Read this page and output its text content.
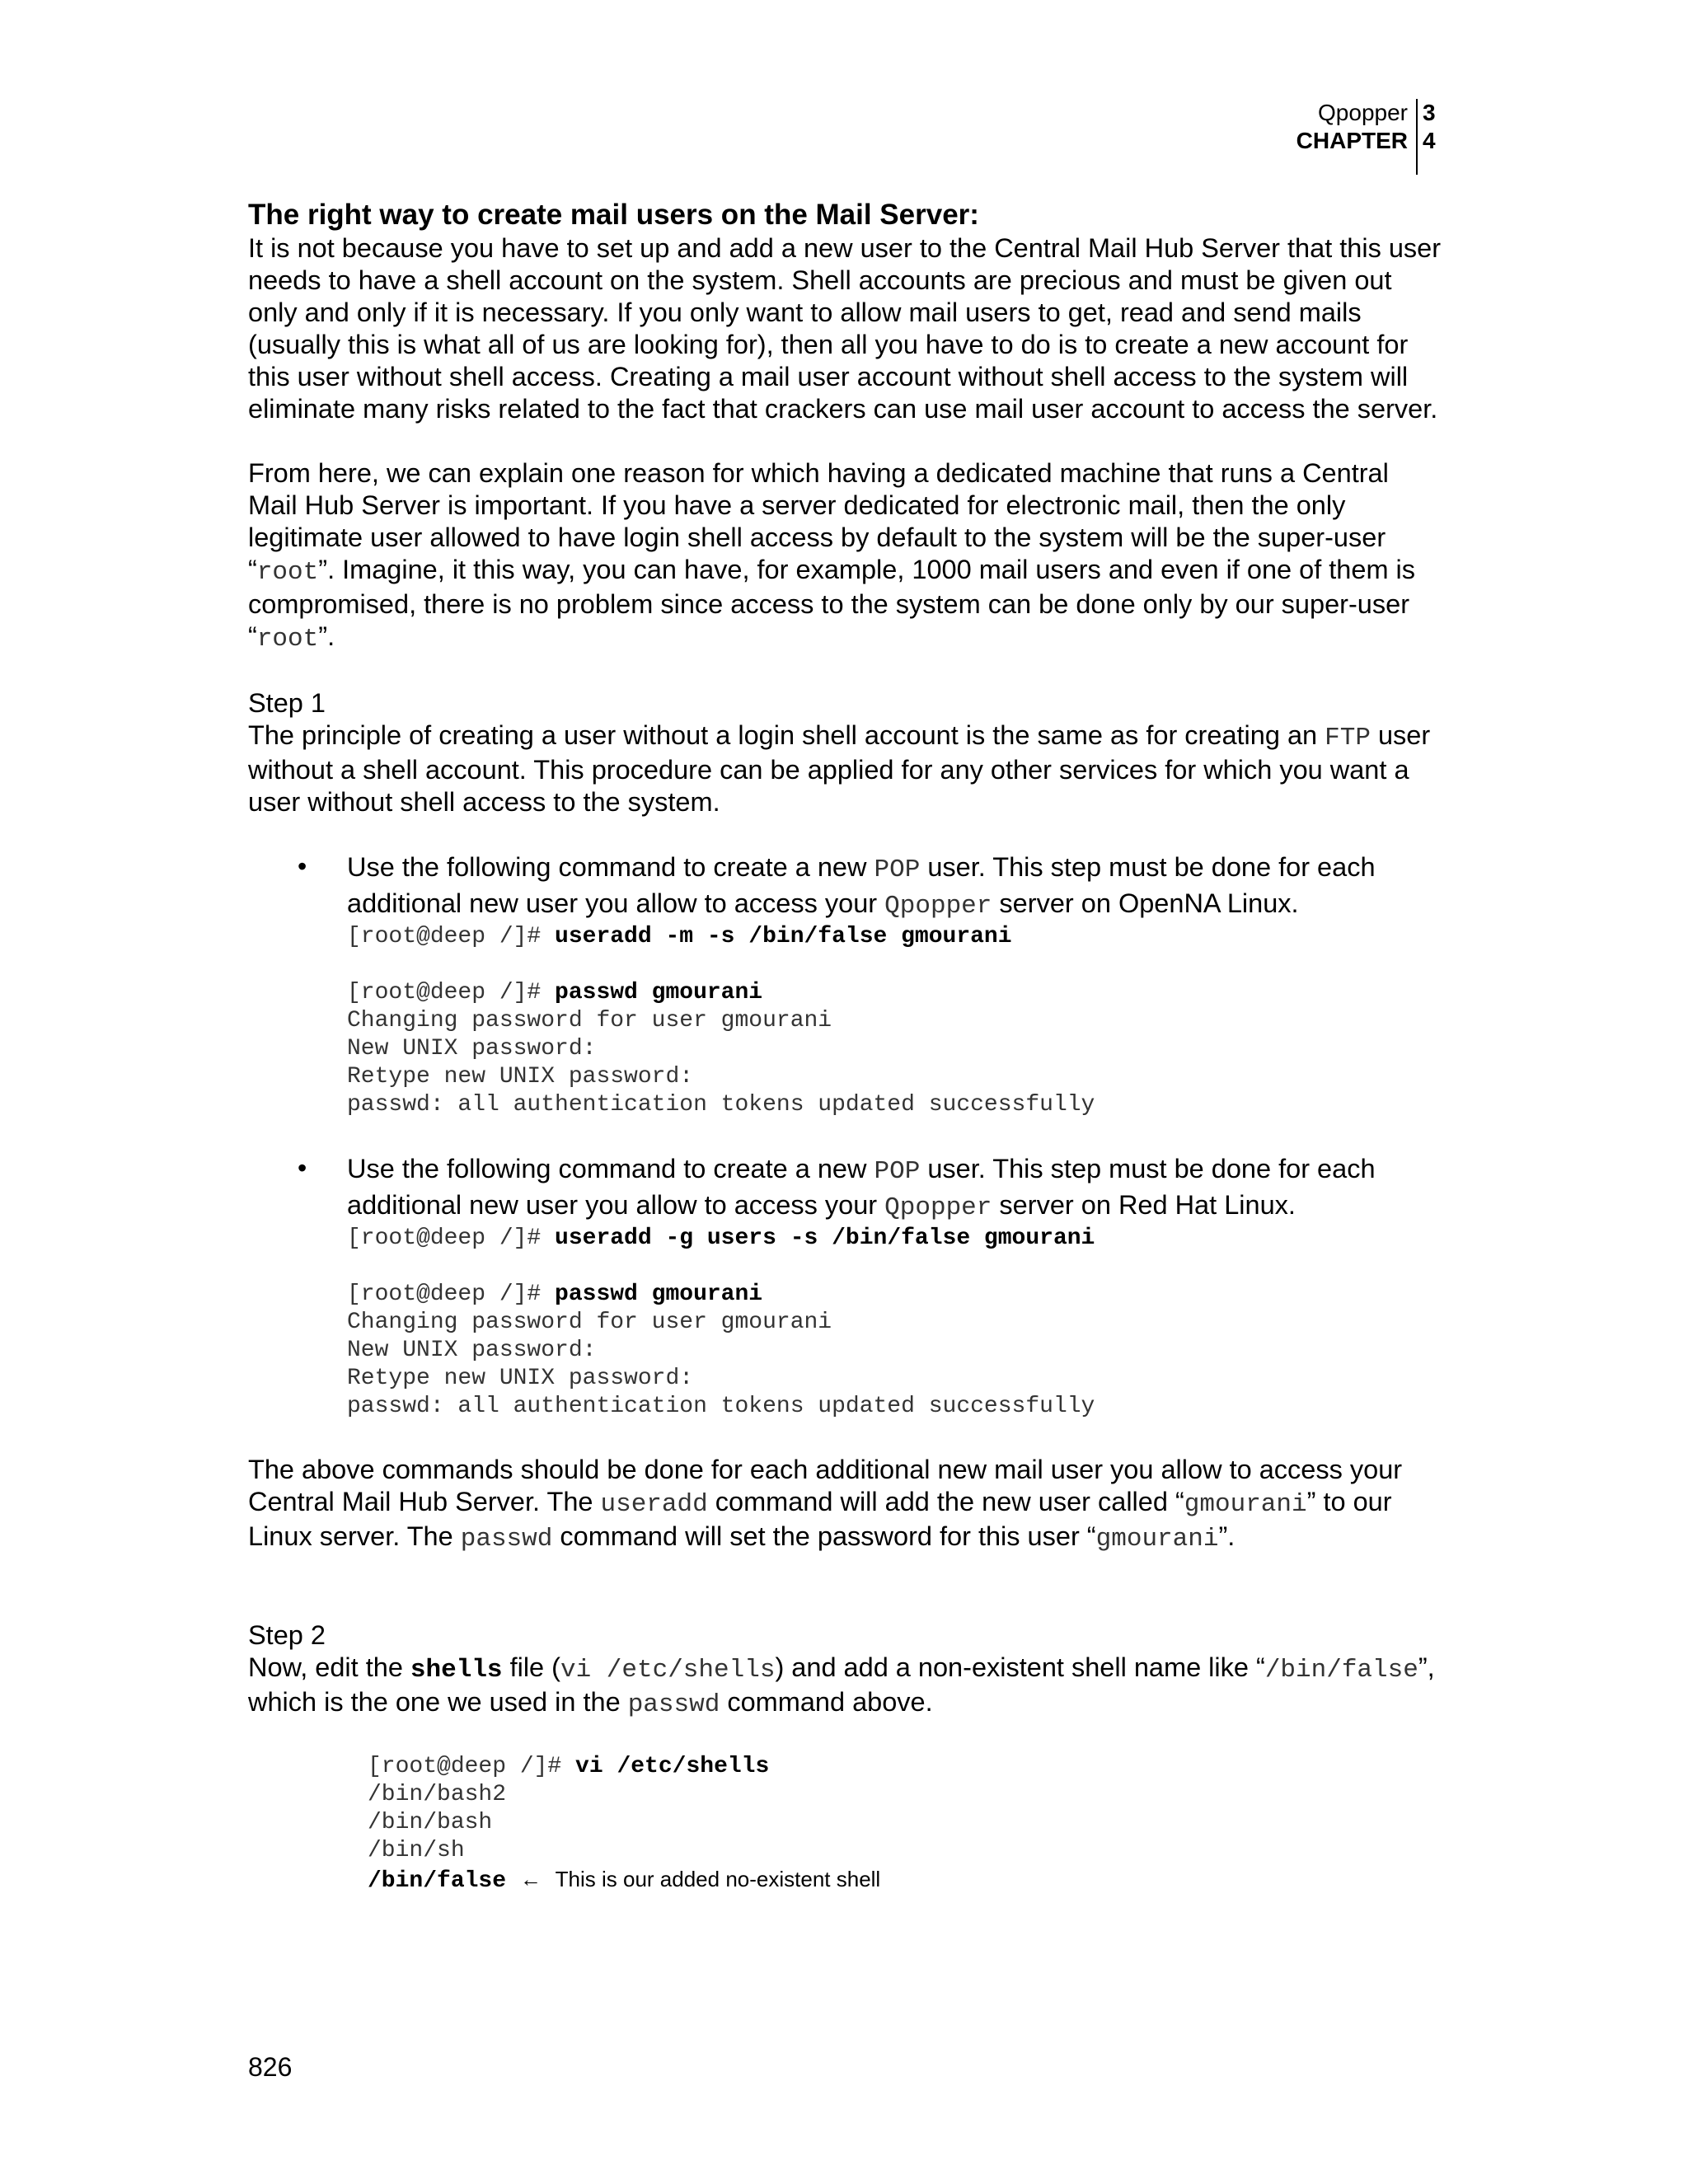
Qpopper
CHAPTER
3
4
The right way to create mail users on the Mail Server:

It is not because you have to set up and add a new user to the Central Mail Hub Server that this user needs to have a shell account on the system. Shell accounts are precious and must be given out only and only if it is necessary. If you only want to allow mail users to get, read and send mails (usually this is what all of us are looking for), then all you have to do is to create a new account for this user without shell access. Creating a mail user account without shell access to the system will eliminate many risks related to the fact that crackers can use mail user account to access the server.

From here, we can explain one reason for which having a dedicated machine that runs a Central Mail Hub Server is important. If you have a server dedicated for electronic mail, then the only legitimate user allowed to have login shell access by default to the system will be the super-user “root”. Imagine, it this way, you can have, for example, 1000 mail users and even if one of them is compromised, there is no problem since access to the system can be done only by our super-user “root”.

Step 1

The principle of creating a user without a login shell account is the same as for creating an FTP user without a shell account. This procedure can be applied for any other services for which you want a user without shell access to the system.

• Use the following command to create a new POP user. This step must be done for each additional new user you allow to access your Qpopper server on OpenNA Linux.
[root@deep /]# useradd -m -s /bin/false gmourani
[root@deep /]# passwd gmourani
Changing password for user gmourani
New UNIX password:
Retype new UNIX password:
passwd: all authentication tokens updated successfully
• Use the following command to create a new POP user. This step must be done for each additional new user you allow to access your Qpopper server on Red Hat Linux.
[root@deep /]# useradd -g users -s /bin/false gmourani
[root@deep /]# passwd gmourani
Changing password for user gmourani
New UNIX password:
Retype new UNIX password:
passwd: all authentication tokens updated successfully

The above commands should be done for each additional new mail user you allow to access your Central Mail Hub Server. The useradd command will add the new user called “gmourani” to our Linux server. The passwd command will set the password for this user “gmourani”.

Step 2

Now, edit the shells file (vi /etc/shells) and add a non-existent shell name like “/bin/false”, which is the one we used in the passwd command above.

[root@deep /]# vi /etc/shells
/bin/bash2
/bin/bash
/bin/sh
/bin/false ← This is our added no-existent shell
826
